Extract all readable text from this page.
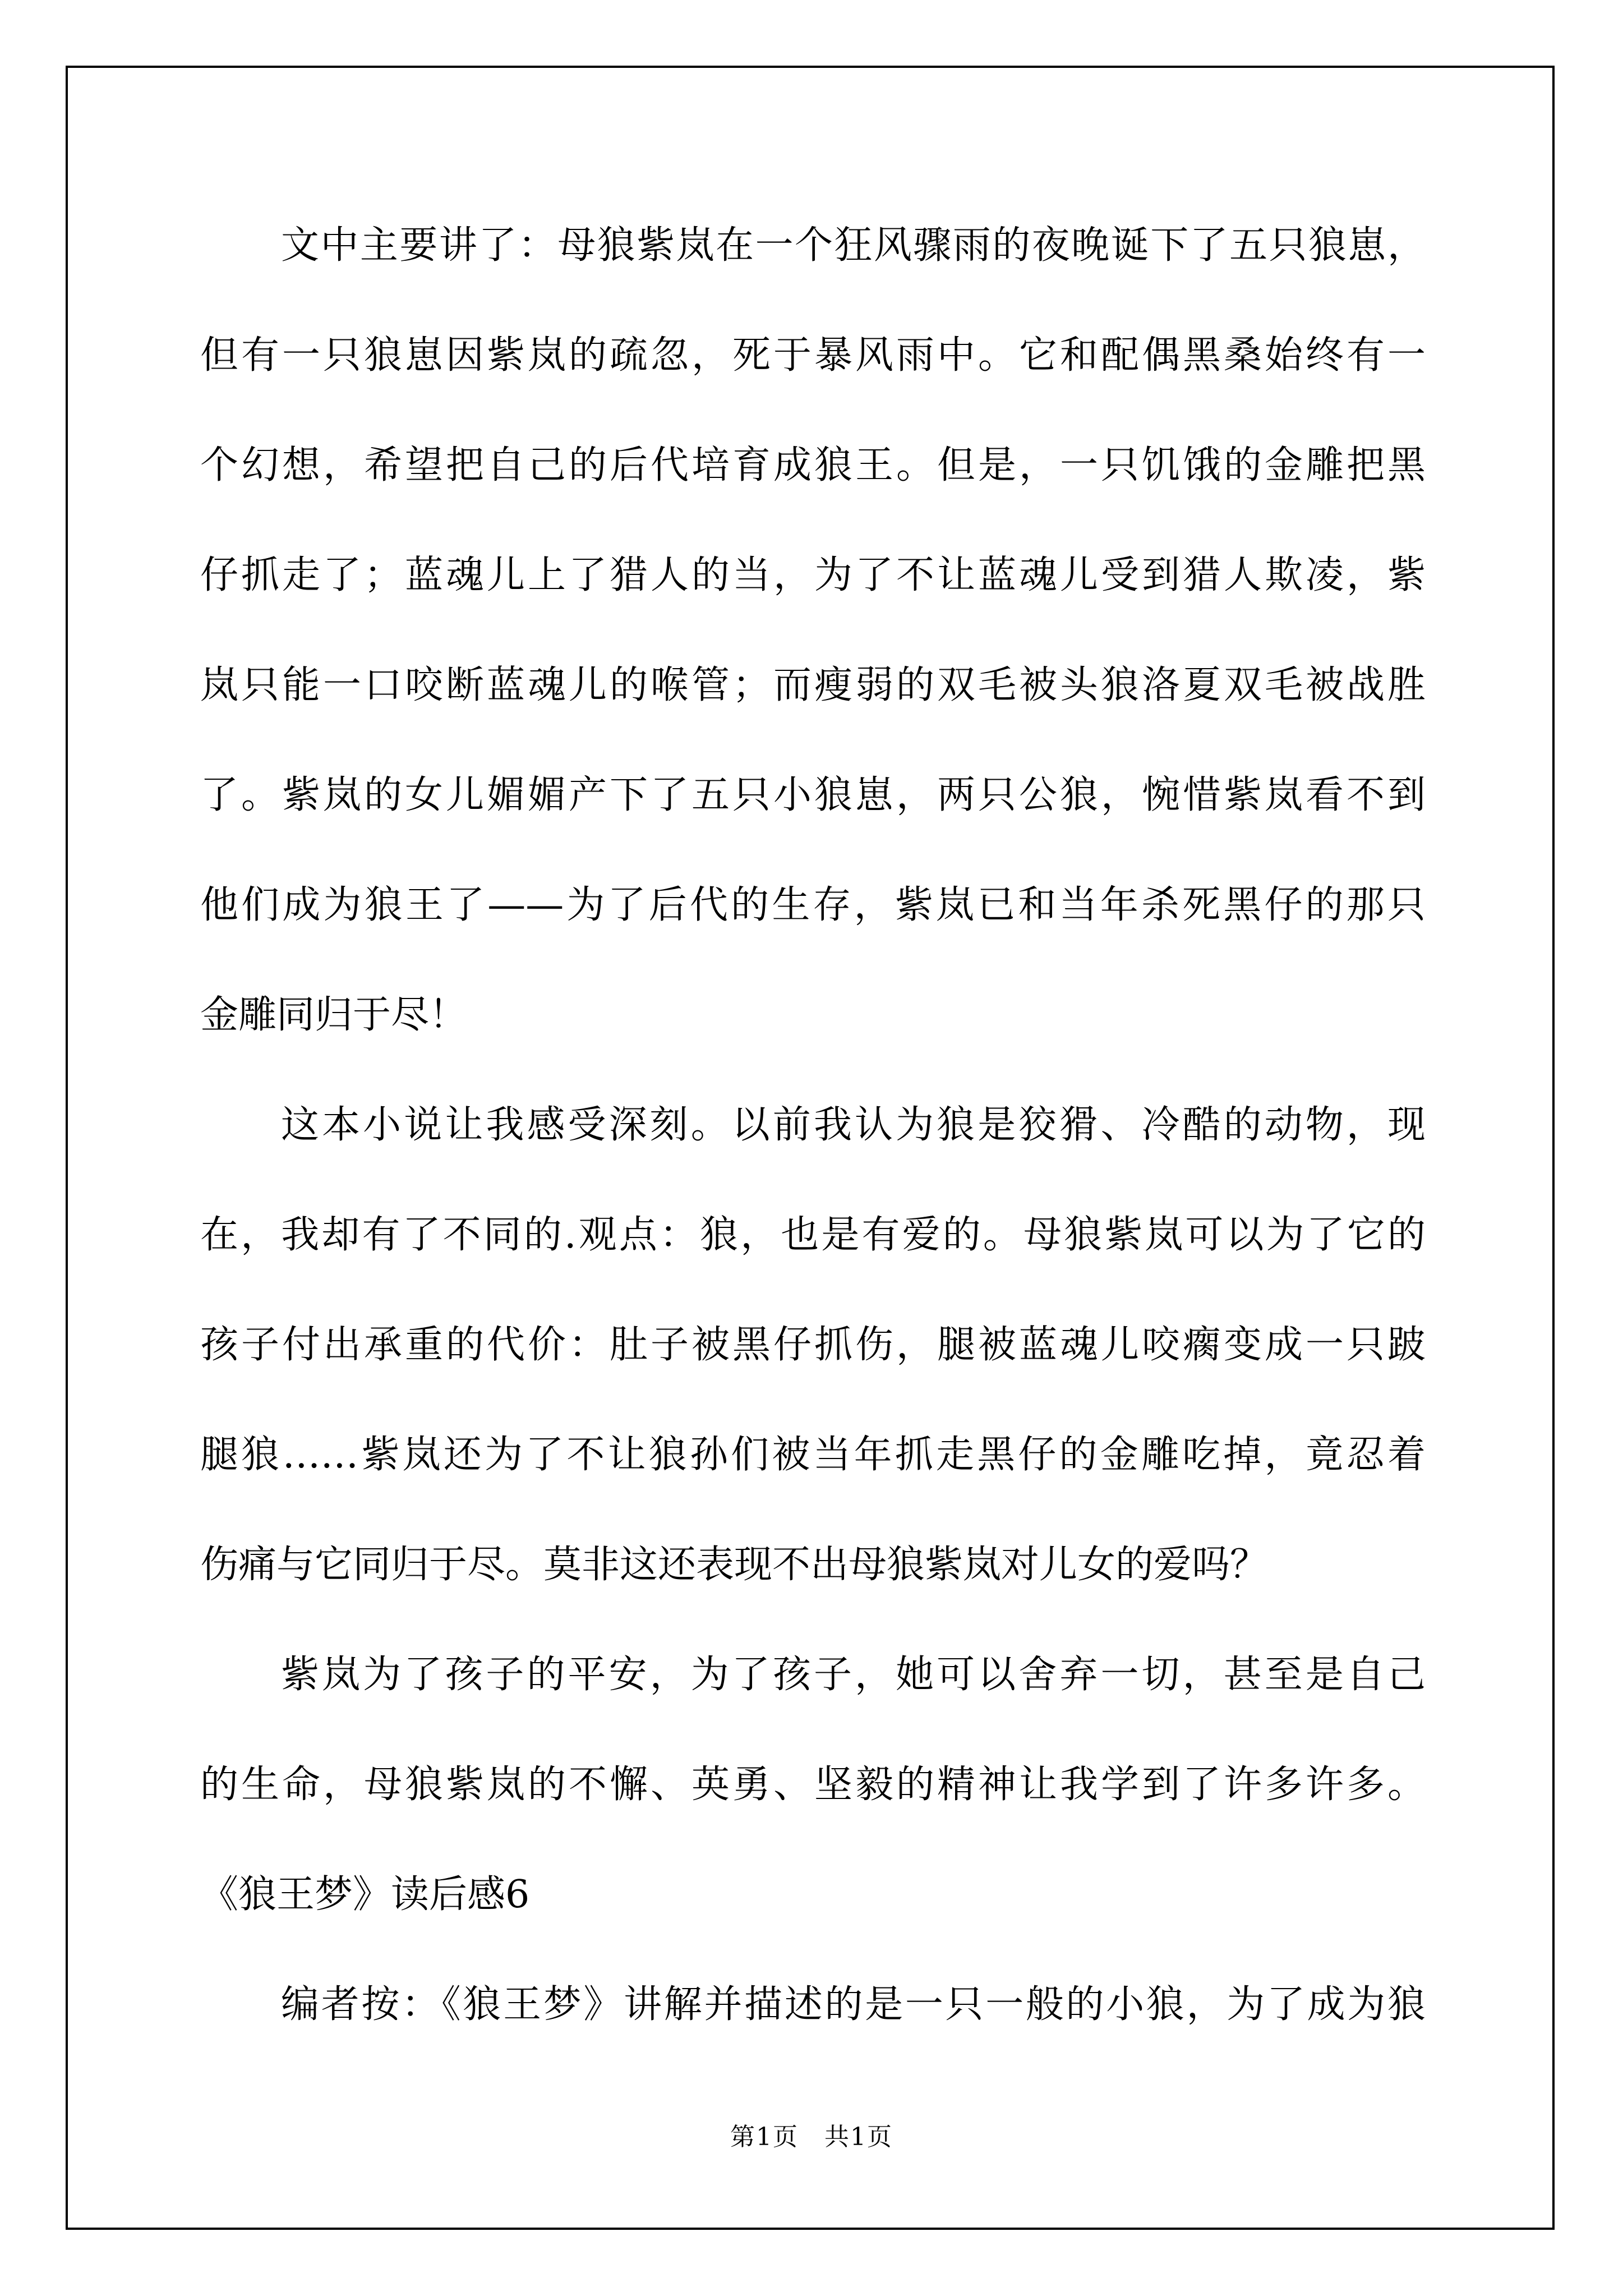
文中主要讲了：母狼紫岚在一个狂风骤雨的夜晚诞下了五只狼崽，
但有一只狼崽因紫岚的疏忽，死于暴风雨中。它和配偶黑桑始终有一
个幻想，希望把自己的后代培育成狼王。但是，一只饥饿的金雕把黑
仔抓走了；蓝魂儿上了猎人的当，为了不让蓝魂儿受到猎人欺凌，紫
岚只能一口咬断蓝魂儿的喉管；而瘦弱的双毛被头狼洛夏双毛被战胜
了。紫岚的女儿媚媚产下了五只小狼崽，两只公狼，惋惜紫岚看不到
他们成为狼王了——为了后代的生存，紫岚已和当年杀死黑仔的那只
金雕同归于尽！
这本小说让我感受深刻。以前我认为狼是狡猾、冷酷的动物，现
在，我却有了不同的.观点：狼，也是有爱的。母狼紫岚可以为了它的
孩子付出承重的代价：肚子被黑仔抓伤，腿被蓝魂儿咬瘸变成一只跛
腿狼……紫岚还为了不让狼孙们被当年抓走黑仔的金雕吃掉，竟忍着
伤痛与它同归于尽。莫非这还表现不出母狼紫岚对儿女的爱吗？
紫岚为了孩子的平安，为了孩子，她可以舍弃一切，甚至是自己
的生命，母狼紫岚的不懈、英勇、坚毅的精神让我学到了许多许多。
《狼王梦》读后感6
编者按：《狼王梦》讲解并描述的是一只一般的小狼，为了成为狼
第1页　共1页
